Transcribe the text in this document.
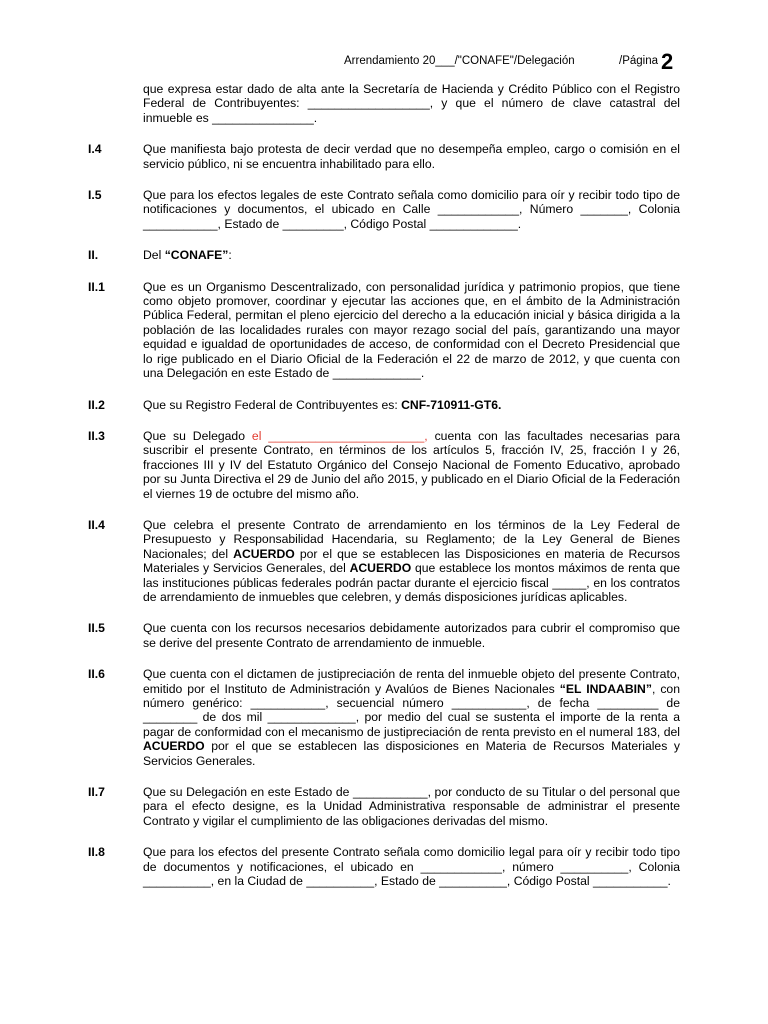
Arrendamiento 20___/"CONAFE"/Delegación	/Página 2
que expresa estar dado de alta ante la Secretaría de Hacienda y Crédito Público con el Registro Federal de Contribuyentes: __________________, y que el número de clave catastral del inmueble es _______________.
I.4	Que manifiesta bajo protesta de decir verdad que no desempeña empleo, cargo o comisión en el servicio público, ni se encuentra inhabilitado para ello.
I.5	Que para los efectos legales de este Contrato señala como domicilio para oír y recibir todo tipo de notificaciones y documentos, el ubicado en Calle ____________, Número _______, Colonia ___________, Estado de _________, Código Postal _____________.
II.	Del “CONAFE”:
II.1	Que es un Organismo Descentralizado, con personalidad jurídica y patrimonio propios, que tiene como objeto promover, coordinar y ejecutar las acciones que, en el ámbito de la Administración Pública Federal, permitan el pleno ejercicio del derecho a la educación inicial y básica dirigida a la población de las localidades rurales con mayor rezago social del país, garantizando una mayor equidad e igualdad de oportunidades de acceso, de conformidad con el Decreto Presidencial que lo rige publicado en el Diario Oficial de la Federación el 22 de marzo de 2012, y que cuenta con una Delegación en este Estado de _____________.
II.2	Que su Registro Federal de Contribuyentes es: CNF-710911-GT6.
II.3	Que su Delegado el _______________________, cuenta con las facultades necesarias para suscribir el presente Contrato, en términos de los artículos 5, fracción IV, 25, fracción I y 26, fracciones III y IV del Estatuto Orgánico del Consejo Nacional de Fomento Educativo, aprobado por su Junta Directiva el 29 de Junio del año 2015, y publicado en el Diario Oficial de la Federación el viernes 19 de octubre del mismo año.
II.4	Que celebra el presente Contrato de arrendamiento en los términos de la Ley Federal de Presupuesto y Responsabilidad Hacendaria, su Reglamento; de la Ley General de Bienes Nacionales; del ACUERDO por el que se establecen las Disposiciones en materia de Recursos Materiales y Servicios Generales, del ACUERDO que establece los montos máximos de renta que las instituciones públicas federales podrán pactar durante el ejercicio fiscal _____, en los contratos de arrendamiento de inmuebles que celebren, y demás disposiciones jurídicas aplicables.
II.5	Que cuenta con los recursos necesarios debidamente autorizados para cubrir el compromiso que se derive del presente Contrato de arrendamiento de inmueble.
II.6	Que cuenta con el dictamen de justipreciación de renta del inmueble objeto del presente Contrato, emitido por el Instituto de Administración y Avalúos de Bienes Nacionales “EL INDAABIN”, con número genérico: ___________, secuencial número ___________, de fecha _________ de ________ de dos mil _____________, por medio del cual se sustenta el importe de la renta a pagar de conformidad con el mecanismo de justipreciación de renta previsto en el numeral 183, del ACUERDO por el que se establecen las disposiciones en Materia de Recursos Materiales y Servicios Generales.
II.7	Que su Delegación en este Estado de ___________, por conducto de su Titular o del personal que para el efecto designe, es la Unidad Administrativa responsable de administrar el presente Contrato y vigilar el cumplimiento de las obligaciones derivadas del mismo.
II.8	Que para los efectos del presente Contrato señala como domicilio legal para oír y recibir todo tipo de documentos y notificaciones, el ubicado en ____________, número __________, Colonia __________, en la Ciudad de __________, Estado de __________, Código Postal ___________.
